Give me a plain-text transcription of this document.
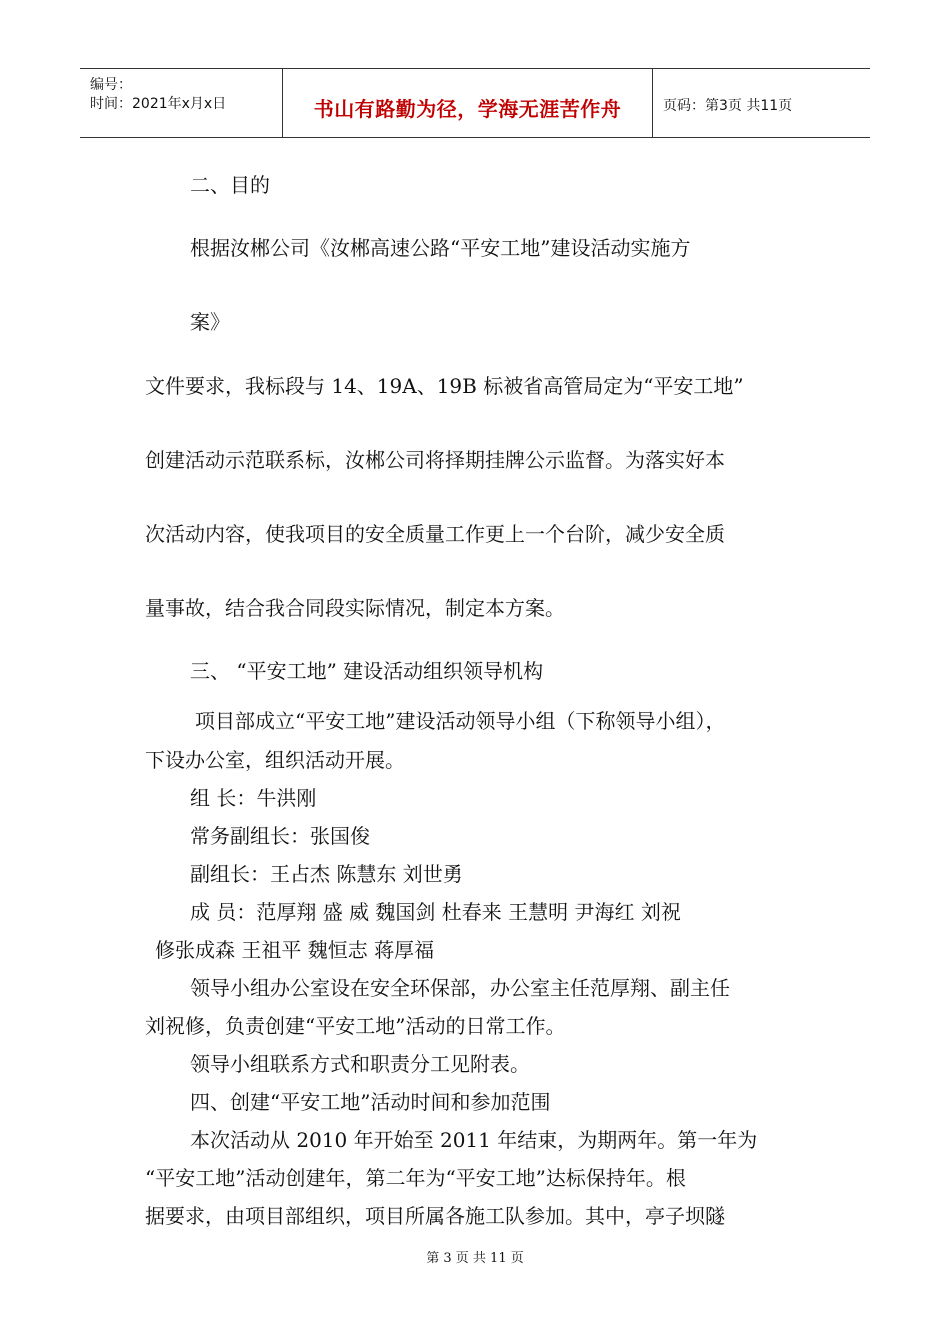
编号：
时间：2021年x月x日	书山有路勤为径，学海无涯苦作舟	页码：第3页 共11页
二、目的
根据汝郴公司《汝郴高速公路“平安工地”建设活动实施方
案》
文件要求，我标段与 14、19A、19B 标被省高管局定为“平安工地”
创建活动示范联系标，汝郴公司将择期挂牌公示监督。为落实好本
次活动内容，使我项目的安全质量工作更上一个台阶，减少安全质
量事故，结合我合同段实际情况，制定本方案。
三、 “平安工地” 建设活动组织领导机构
项目部成立“平安工地”建设活动领导小组（下称领导小组），
下设办公室，组织活动开展。
组 长：牛洪刚
常务副组长：张国俊
副组长：王占杰 陈慧东 刘世勇
成 员：范厚翔 盛 威 魏国剑 杜春来 王慧明 尹海红 刘祝
修张成森 王祖平 魏恒志 蒋厚福
领导小组办公室设在安全环保部，办公室主任范厚翔、副主任
刘祝修，负责创建“平安工地”活动的日常工作。
领导小组联系方式和职责分工见附表。
四、创建“平安工地”活动时间和参加范围
本次活动从 2010 年开始至 2011 年结束，为期两年。第一年为
“平安工地”活动创建年，第二年为“平安工地”达标保持年。根
据要求，由项目部组织，项目所属各施工队参加。其中，亭子坝隧
第 3 页 共 11 页
